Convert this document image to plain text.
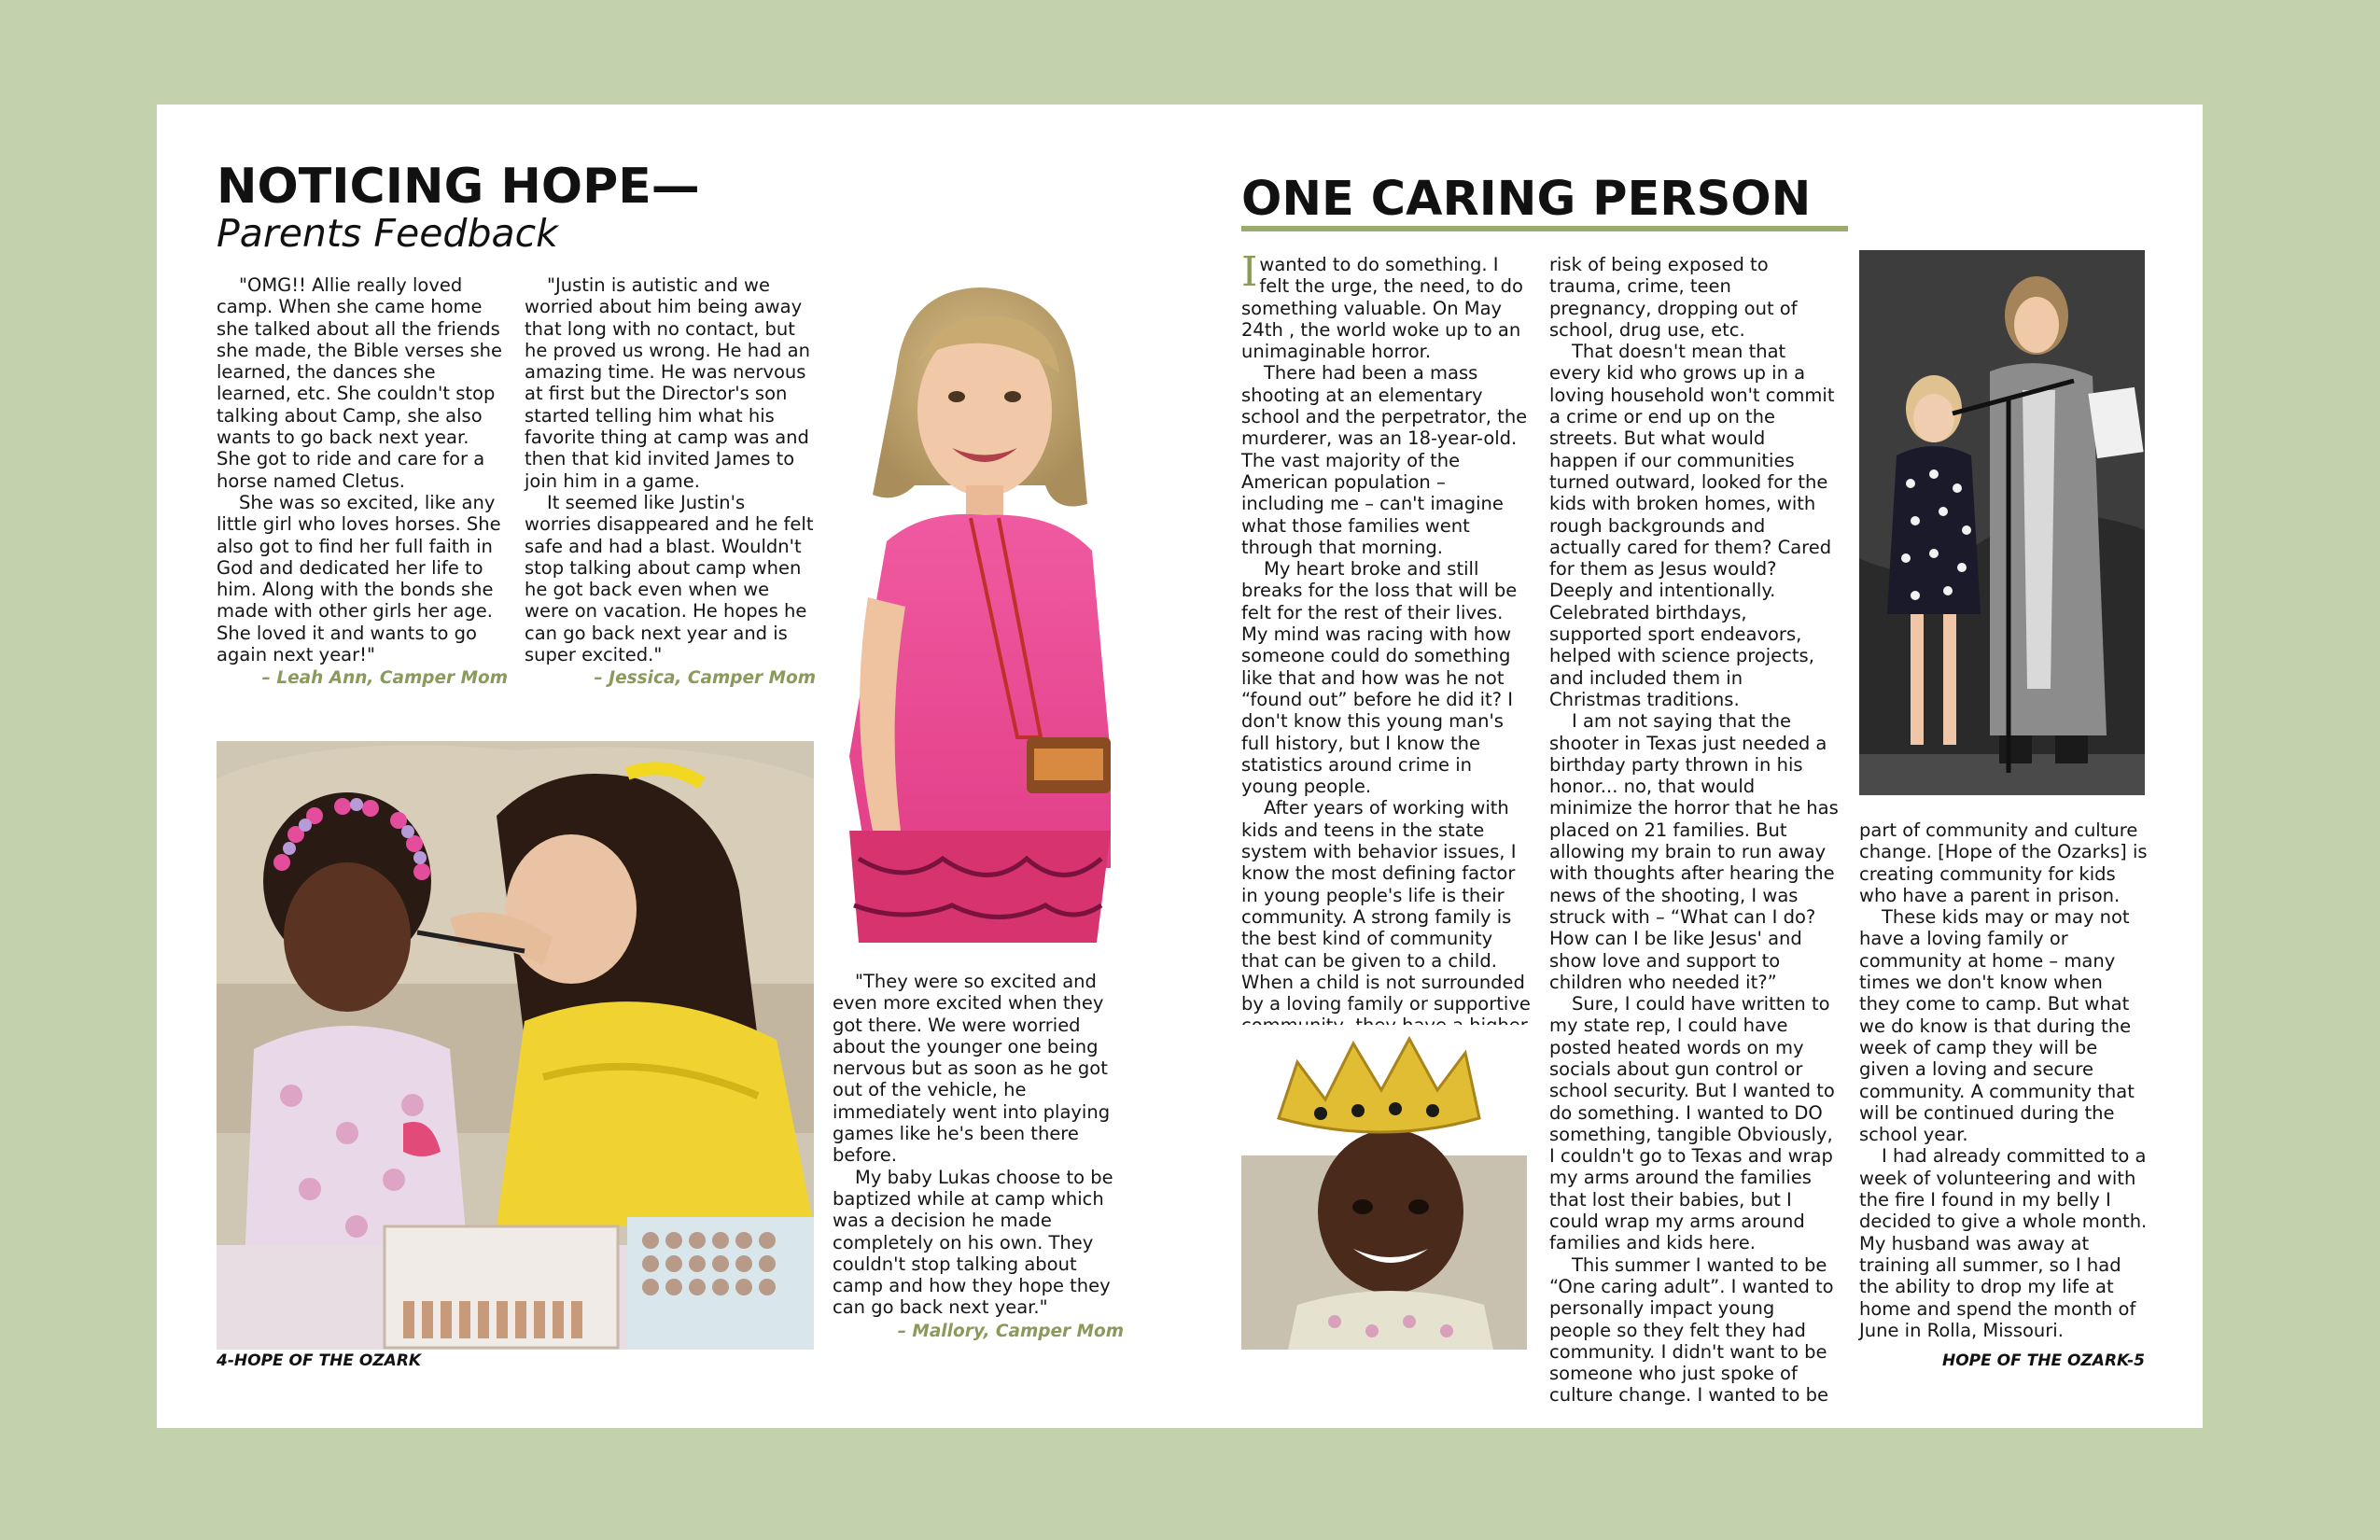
NOTICING HOPE—
Parents Feedback

"OMG!! Allie really loved camp. When she came home she talked about all the friends she made, the Bible verses she learned, the dances she learned, etc. She couldn't stop talking about Camp, she also wants to go back next year. She got to ride and care for a horse named Cletus.

She was so excited, like any little girl who loves horses. She also got to find her full faith in God and dedicated her life to him. Along with the bonds she made with other girls her age. She loved it and wants to go again next year!"

– Leah Ann, Camper Mom

"Justin is autistic and we worried about him being away that long with no contact, but he proved us wrong. He had an amazing time. He was nervous at first but the Director's son started telling him what his favorite thing at camp was and then that kid invited James to join him in a game.

It seemed like Justin's worries disappeared and he felt safe and had a blast. Wouldn't stop talking about camp when he got back even when we were on vacation. He hopes he can go back next year and is super excited."

– Jessica, Camper Mom

"They were so excited and even more excited when they got there. We were worried about the younger one being nervous but as soon as he got out of the vehicle, he immediately went into playing games like he's been there before.

My baby Lukas choose to be baptized while at camp which was a decision he made completely on his own. They couldn't stop talking about camp and how they hope they can go back next year."

– Mallory, Camper Mom
4-HOPE OF THE OZARK
ONE CARING PERSON

Iwanted to do something. I felt the urge, the need, to do something valuable. On May 24th , the world woke up to an unimaginable horror.

There had been a mass shooting at an elementary school and the perpetrator, the murderer, was an 18-year-old. The vast majority of the American population – including me – can't imagine what those families went through that morning.

My heart broke and still breaks for the loss that will be felt for the rest of their lives. My mind was racing with how someone could do something like that and how was he not “found out” before he did it? I don't know this young man's full history, but I know the statistics around crime in young people.

After years of working with kids and teens in the state system with behavior issues, I know the most defining factor in young people's life is their community. A strong family is the best kind of community that can be given to a child. When a child is not surrounded by a loving family or supportive

risk of being exposed to trauma, crime, teen pregnancy, dropping out of school, drug use, etc.

That doesn't mean that every kid who grows up in a loving household won't commit a crime or end up on the streets. But what would happen if our communities turned outward, looked for the kids with broken homes, with rough backgrounds and actually cared for them? Cared for them as Jesus would? Deeply and intentionally. Celebrated birthdays, supported sport endeavors, helped with science projects, and included them in Christmas traditions.

I am not saying that the shooter in Texas just needed a birthday party thrown in his honor... no, that would minimize the horror that he has placed on 21 families. But allowing my brain to run away with thoughts after hearing the news of the shooting, I was struck with – “What can I do? How can I be like Jesus' and show love and support to children who needed it?”

Sure, I could have written to my state rep, I could have posted heated words on my socials about gun control or school security. But I wanted to do something. I wanted to DO something, tangible Obviously, I couldn't go to Texas and wrap my arms around the families that lost their babies, but I could wrap my arms around families and kids here.

This summer I wanted to be “One caring adult”. I wanted to personally impact young people so they felt they had community. I didn't want to be someone who just spoke of culture change. I wanted to be

part of community and culture change. [Hope of the Ozarks] is creating community for kids who have a parent in prison.

These kids may or may not have a loving family or community at home – many times we don't know when they come to camp. But what we do know is that during the week of camp they will be given a loving and secure community. A community that will be continued during the school year.

I had already committed to a week of volunteering and with the fire I found in my belly I decided to give a whole month. My husband was away at training all summer, so I had the ability to drop my life at home and spend the month of June in Rolla, Missouri.

HOPE OF THE OZARK-5
